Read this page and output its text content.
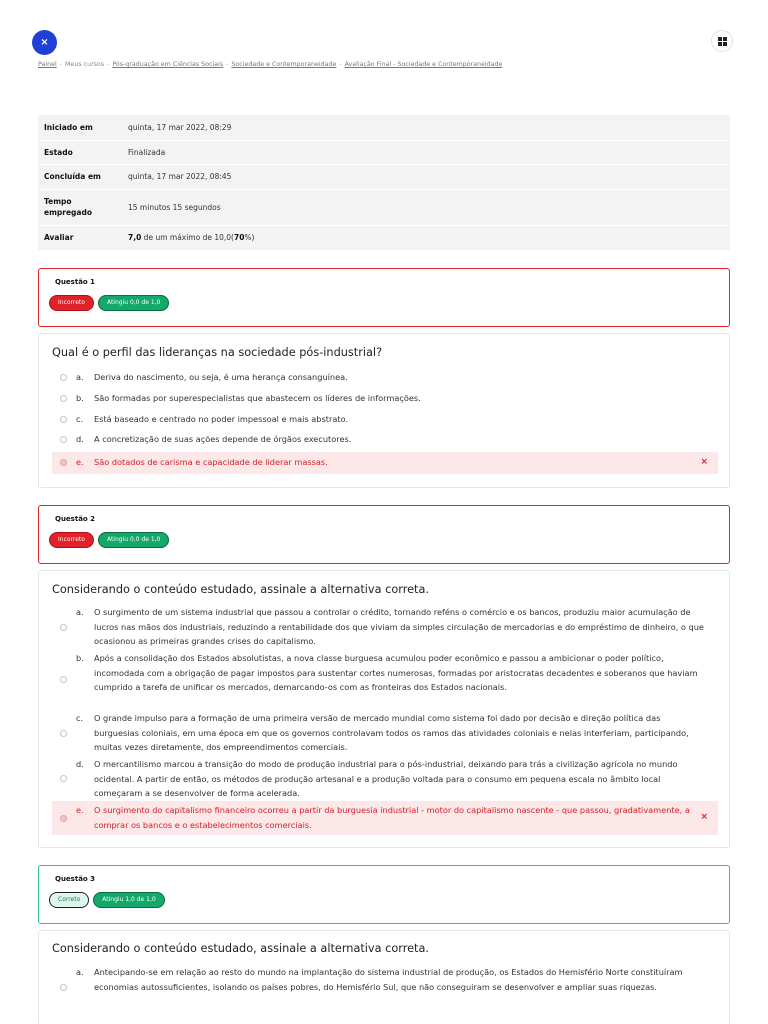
×
Painel - Meus cursos - Pós-graduação em Ciências Sociais - Sociedade e Contemporaneidade - Avaliação Final - Sociedade e Contemporaneidade
Iniciado em	quinta, 17 mar 2022, 08:29
Estado	Finalizada
Concluída em	quinta, 17 mar 2022, 08:45
Tempo empregado	15 minutos 15 segundos
Avaliar	7,0 de um máximo de 10,0(70%)
Questão 1
Incorreto	Atingiu 0,0 de 1,0
Qual é o perfil das lideranças na sociedade pós-industrial?
a. Deriva do nascimento, ou seja, é uma herança consanguínea.
b. São formadas por superespecialistas que abastecem os líderes de informações.
c. Está baseado e centrado no poder impessoal e mais abstrato.
d. A concretização de suas ações depende de órgãos executores.
e. São dotados de carisma e capacidade de liderar massas.	×
Questão 2
Incorreto	Atingiu 0,0 de 1,0
Considerando o conteúdo estudado, assinale a alternativa correta.
a. O surgimento de um sistema industrial que passou a controlar o crédito, tornando reféns o comércio e os bancos, produziu maior acumulação de lucros nas mãos dos industriais, reduzindo a rentabilidade dos que viviam da simples circulação de mercadorias e do empréstimo de dinheiro, o que ocasionou as primeiras grandes crises do capitalismo.
b. Após a consolidação dos Estados absolutistas, a nova classe burguesa acumulou poder econômico e passou a ambicionar o poder político, incomodada com a obrigação de pagar impostos para sustentar cortes numerosas, formadas por aristocratas decadentes e soberanos que haviam cumprido a tarefa de unificar os mercados, demarcando-os com as fronteiras dos Estados nacionais.
c. O grande impulso para a formação de uma primeira versão de mercado mundial como sistema foi dado por decisão e direção política das burguesias coloniais, em uma época em que os governos controlavam todos os ramos das atividades coloniais e nelas interferiam, participando, muitas vezes diretamente, dos empreendimentos comerciais.
d. O mercantilismo marcou a transição do modo de produção industrial para o pós-industrial, deixando para trás a civilização agrícola no mundo ocidental. A partir de então, os métodos de produção artesanal e a produção voltada para o consumo em pequena escala no âmbito local começaram a se desenvolver de forma acelerada.
e. O surgimento do capitalismo financeiro ocorreu a partir da burguesia industrial - motor do capitalismo nascente - que passou, gradativamente, a comprar os bancos e o estabelecimentos comerciais.
×
Questão 3
Correto	Atingiu 1,0 de 1,0
Considerando o conteúdo estudado, assinale a alternativa correta.
a. Antecipando-se em relação ao resto do mundo na implantação do sistema industrial de produção, os Estados do Hemisfério Norte constituíram economias autossuficientes, isolando os países pobres, do Hemisfério Sul, que não conseguiram se desenvolver e ampliar suas riquezas.
